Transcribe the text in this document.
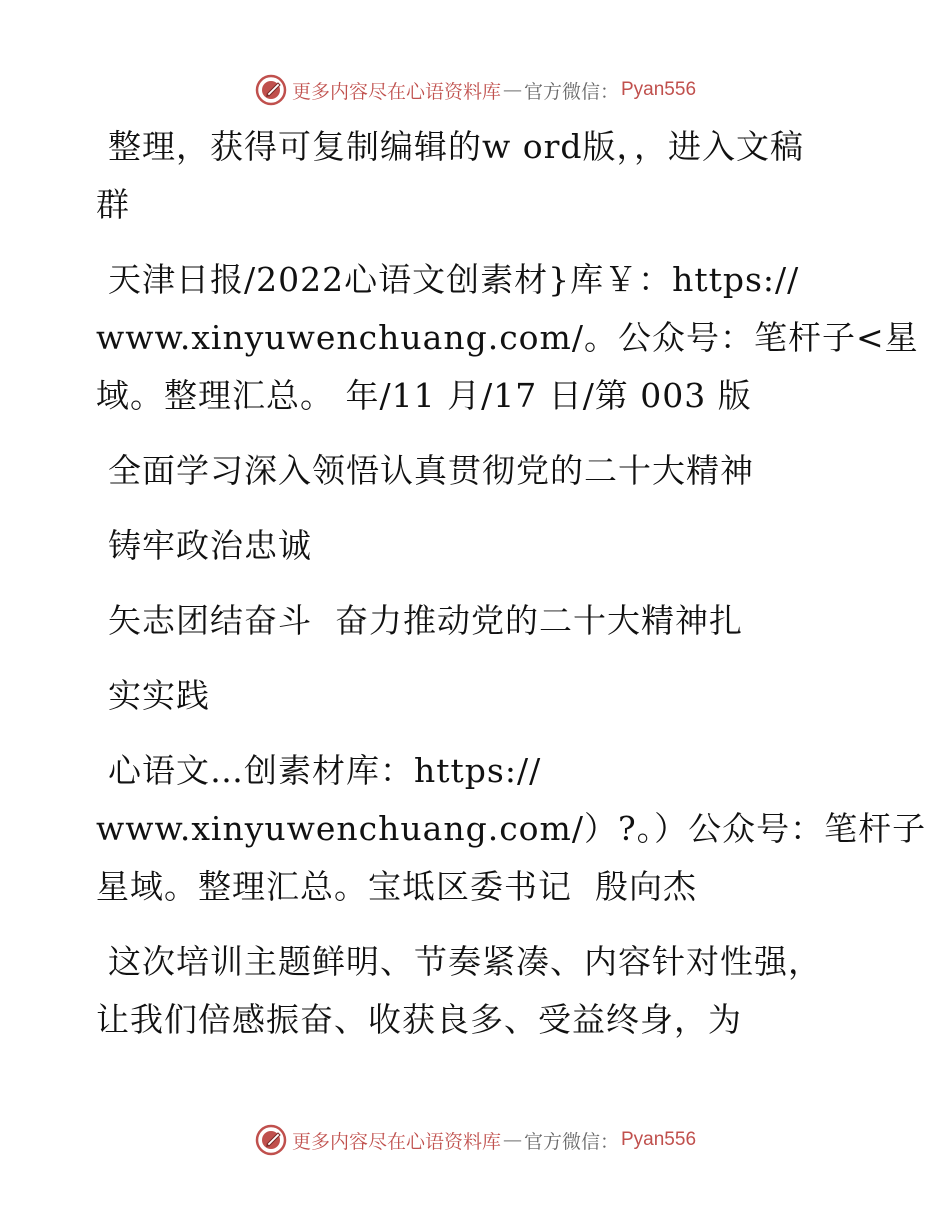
更多内容尽在心语资料库 — 官方微信： Pyan556
整理，获得可复制编辑的w ord版，，进入文稿
群
天津日报/2022心语文创素材}库￥：https://
www.xinyuwenchuang.com/。公众号：笔杆子<星
域。整理汇总。 年/11 月/17 日/第 003 版
全面学习深入领悟认真贯彻党的二十大精神
铸牢政治忠诚
矢志团结奋斗  奋力推动党的二十大精神扎
实实践
心语文…创素材库：https://
www.xinyuwenchuang.com/）?。）公众号：笔杆子
星域。整理汇总。宝坻区委书记  殷向杰
这次培训主题鲜明、节奏紧凑、内容针对性强，
让我们倍感振奋、收获良多、受益终身，为
更多内容尽在心语资料库 — 官方微信： Pyan556
